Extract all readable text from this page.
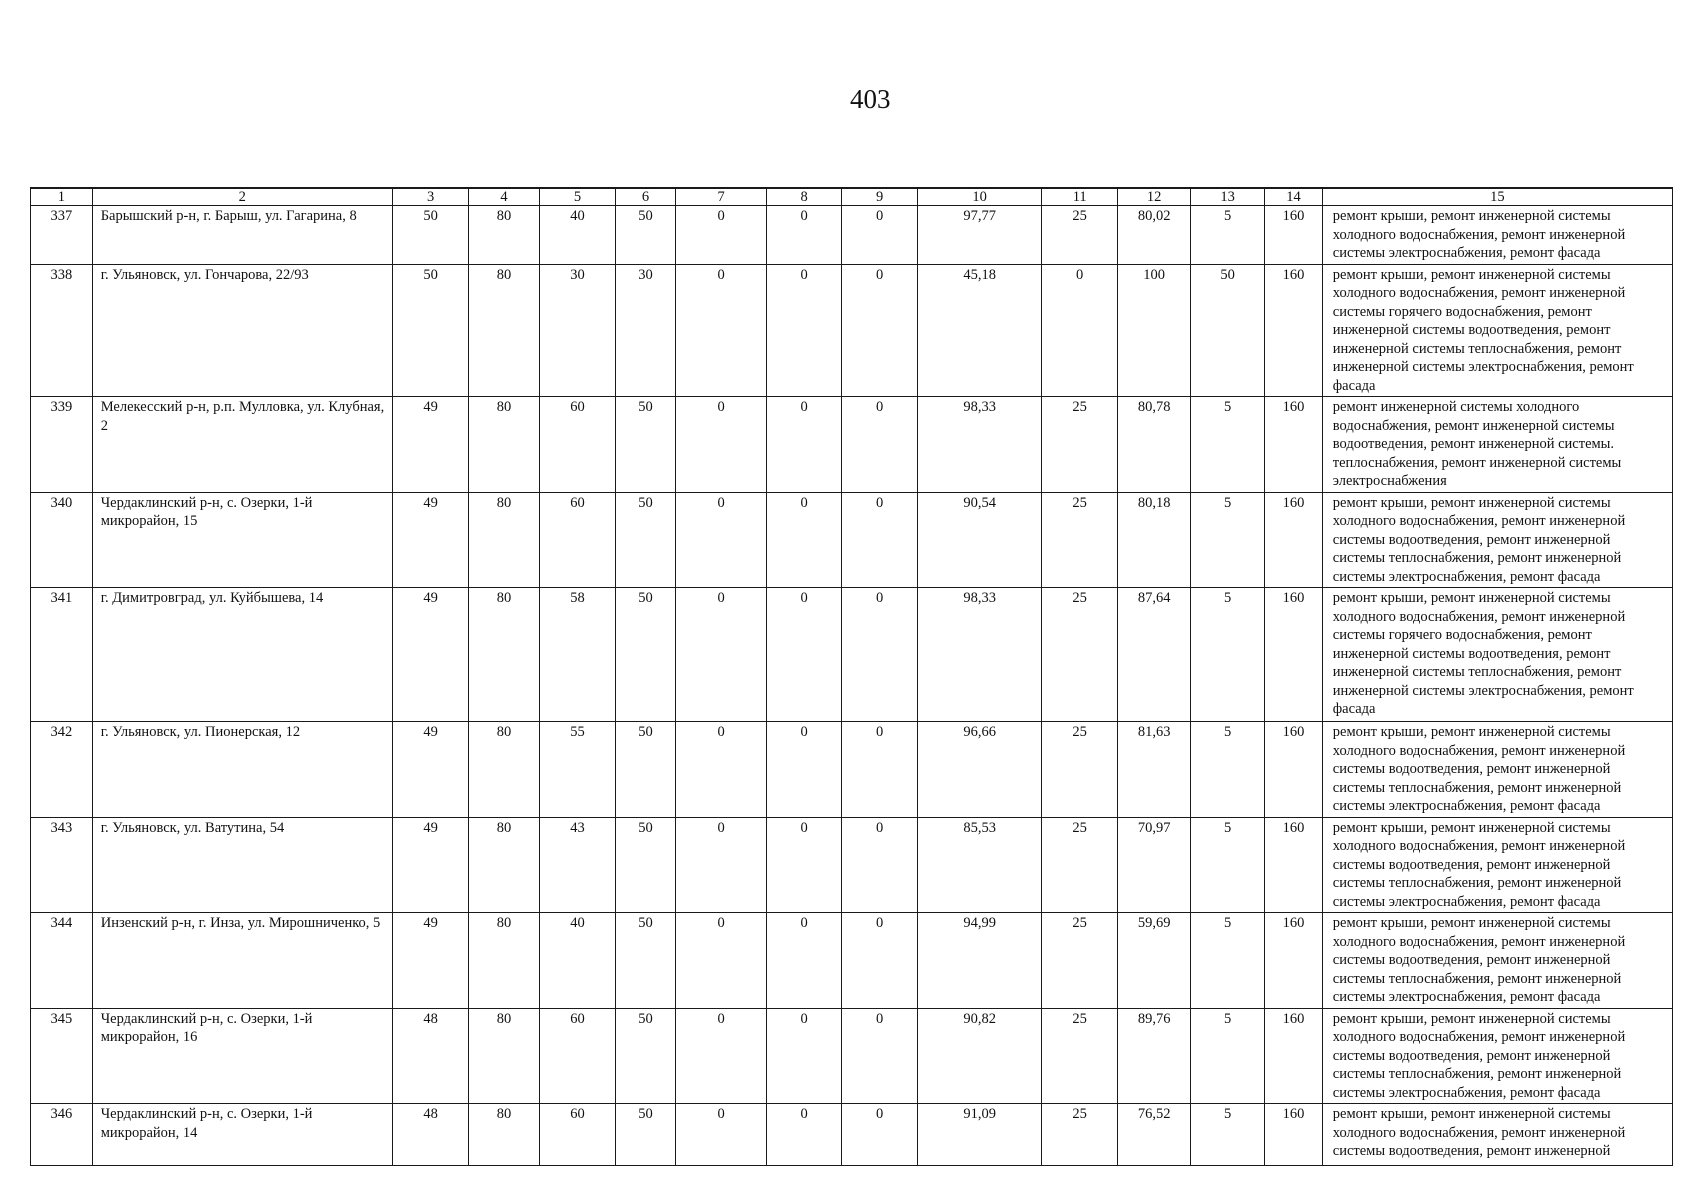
403
1	2	3	4	5	6	7	8	9	10	11	12	13	14	15
337	Барышский р-н, г. Барыш, ул. Гагарина, 8	50	80	40	50	0	0	0	97,77	25	80,02	5	160	ремонт крыши, ремонт инженерной системы холодного водоснабжения, ремонт инженерной системы электроснабжения, ремонт фасада
338	г. Ульяновск, ул. Гончарова, 22/93	50	80	30	30	0	0	0	45,18	0	100	50	160	ремонт крыши, ремонт инженерной системы холодного водоснабжения, ремонт инженерной системы горячего водоснабжения, ремонт инженерной системы водоотведения, ремонт инженерной системы теплоснабжения, ремонт инженерной системы электроснабжения, ремонт фасада
339	Мелекесский р-н, р.п. Мулловка, ул. Клубная, 2	49	80	60	50	0	0	0	98,33	25	80,78	5	160	ремонт инженерной системы холодного водоснабжения, ремонт инженерной системы водоотведения, ремонт инженерной системы. теплоснабжения, ремонт инженерной системы электроснабжения
340	Чердаклинский р-н, с. Озерки, 1-й микрорайон, 15	49	80	60	50	0	0	0	90,54	25	80,18	5	160	ремонт крыши, ремонт инженерной системы холодного водоснабжения, ремонт инженерной системы водоотведения, ремонт инженерной системы теплоснабжения, ремонт инженерной системы электроснабжения, ремонт фасада
341	г. Димитровград, ул. Куйбышева, 14	49	80	58	50	0	0	0	98,33	25	87,64	5	160	ремонт крыши, ремонт инженерной системы холодного водоснабжения, ремонт инженерной системы горячего водоснабжения, ремонт инженерной системы водоотведения, ремонт инженерной системы теплоснабжения, ремонт инженерной системы электроснабжения, ремонт фасада
342	г. Ульяновск, ул. Пионерская, 12	49	80	55	50	0	0	0	96,66	25	81,63	5	160	ремонт крыши, ремонт инженерной системы холодного водоснабжения, ремонт инженерной системы водоотведения, ремонт инженерной системы теплоснабжения, ремонт инженерной системы электроснабжения, ремонт фасада
343	г. Ульяновск, ул. Ватутина, 54	49	80	43	50	0	0	0	85,53	25	70,97	5	160	ремонт крыши, ремонт инженерной системы холодного водоснабжения, ремонт инженерной системы водоотведения, ремонт инженерной системы теплоснабжения, ремонт инженерной системы электроснабжения, ремонт фасада
344	Инзенский р-н, г. Инза, ул. Мирошниченко, 5	49	80	40	50	0	0	0	94,99	25	59,69	5	160	ремонт крыши, ремонт инженерной системы холодного водоснабжения, ремонт инженерной системы водоотведения, ремонт инженерной системы теплоснабжения, ремонт инженерной системы электроснабжения, ремонт фасада
345	Чердаклинский р-н, с. Озерки, 1-й микрорайон, 16	48	80	60	50	0	0	0	90,82	25	89,76	5	160	ремонт крыши, ремонт инженерной системы холодного водоснабжения, ремонт инженерной системы водоотведения, ремонт инженерной системы теплоснабжения, ремонт инженерной системы электроснабжения, ремонт фасада
346	Чердаклинский р-н, с. Озерки, 1-й микрорайон, 14	48	80	60	50	0	0	0	91,09	25	76,52	5	160	ремонт крыши, ремонт инженерной системы холодного водоснабжения, ремонт инженерной системы водоотведения, ремонт инженерной
